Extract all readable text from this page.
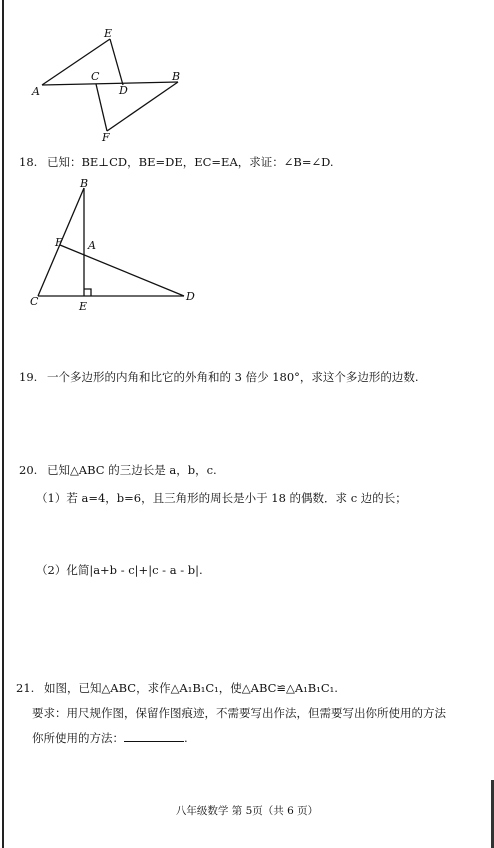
E
A
C
D
B
F
18. 已知：BE⊥CD，BE=DE，EC=EA，求证：∠B=∠D.
B
F A
C	E
D
19. 一个多边形的内角和比它的外角和的 3 倍少 180°，求这个多边形的边数.
20. 已知△ABC 的三边长是 a，b，c.
（1）若 a=4，b=6，且三角形的周长是小于 18 的偶数．求 c 边的长；
（2）化简|a+b - c|+|c - a - b|.
21. 如图，已知△ABC，求作△A₁B₁C₁，使△ABC≌△A₁B₁C₁.
要求：用尺规作图，保留作图痕迹，不需要写出作法，但需要写出你所使用的方法
你所使用的方法：	.
八年级数学 第 5页（共 6 页）
